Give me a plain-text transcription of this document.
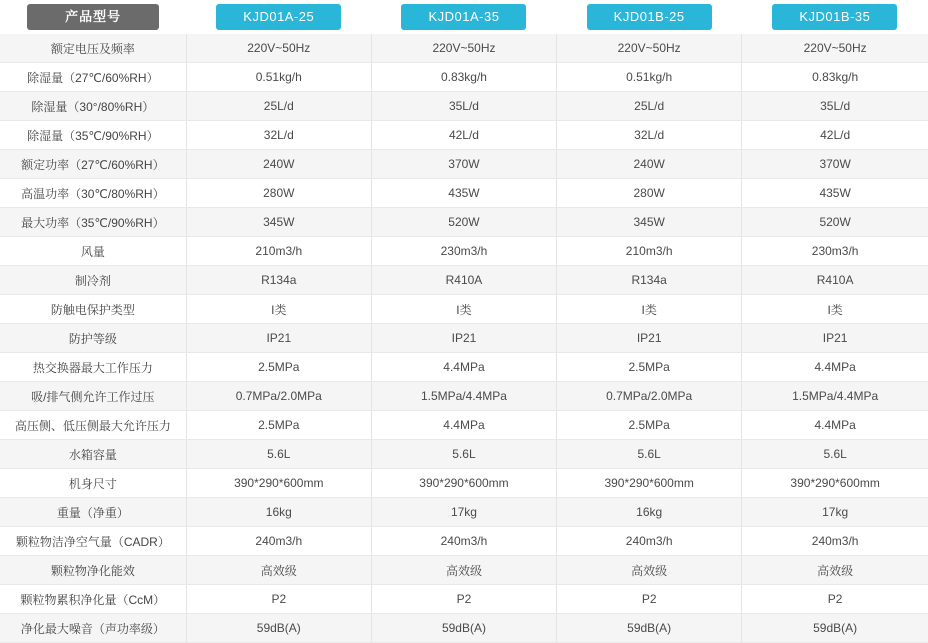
产品型号	KJD01A-25	KJD01A-35	KJD01B-25	KJD01B-35

额定电压及频率	220V~50Hz	220V~50Hz	220V~50Hz	220V~50Hz
除湿量（27℃/60%RH）	0.51kg/h	0.83kg/h	0.51kg/h	0.83kg/h
除湿量（30°/80%RH）	25L/d	35L/d	25L/d	35L/d
除湿量（35℃/90%RH）	32L/d	42L/d	32L/d	42L/d
额定功率（27℃/60%RH）	240W	370W	240W	370W
高温功率（30℃/80%RH）	280W	435W	280W	435W
最大功率（35℃/90%RH）	345W	520W	345W	520W
风量	210m3/h	230m3/h	210m3/h	230m3/h
制冷剂	R134a	R410A	R134a	R410A
防触电保护类型	I类	I类	I类	I类
防护等级	IP21	IP21	IP21	IP21
热交换器最大工作压力	2.5MPa	4.4MPa	2.5MPa	4.4MPa
吸/排气侧允许工作过压	0.7MPa/2.0MPa	1.5MPa/4.4MPa	0.7MPa/2.0MPa	1.5MPa/4.4MPa
高压侧、低压侧最大允许压力	2.5MPa	4.4MPa	2.5MPa	4.4MPa
水箱容量	5.6L	5.6L	5.6L	5.6L
机身尺寸	390*290*600mm	390*290*600mm	390*290*600mm	390*290*600mm
重量（净重）	16kg	17kg	16kg	17kg
颗粒物洁净空气量（CADR）	240m3/h	240m3/h	240m3/h	240m3/h
颗粒物净化能效	高效级	高效级	高效级	高效级
颗粒物累积净化量（CcM）	P2	P2	P2	P2
净化最大噪音（声功率级）	59dB(A)	59dB(A)	59dB(A)	59dB(A)
